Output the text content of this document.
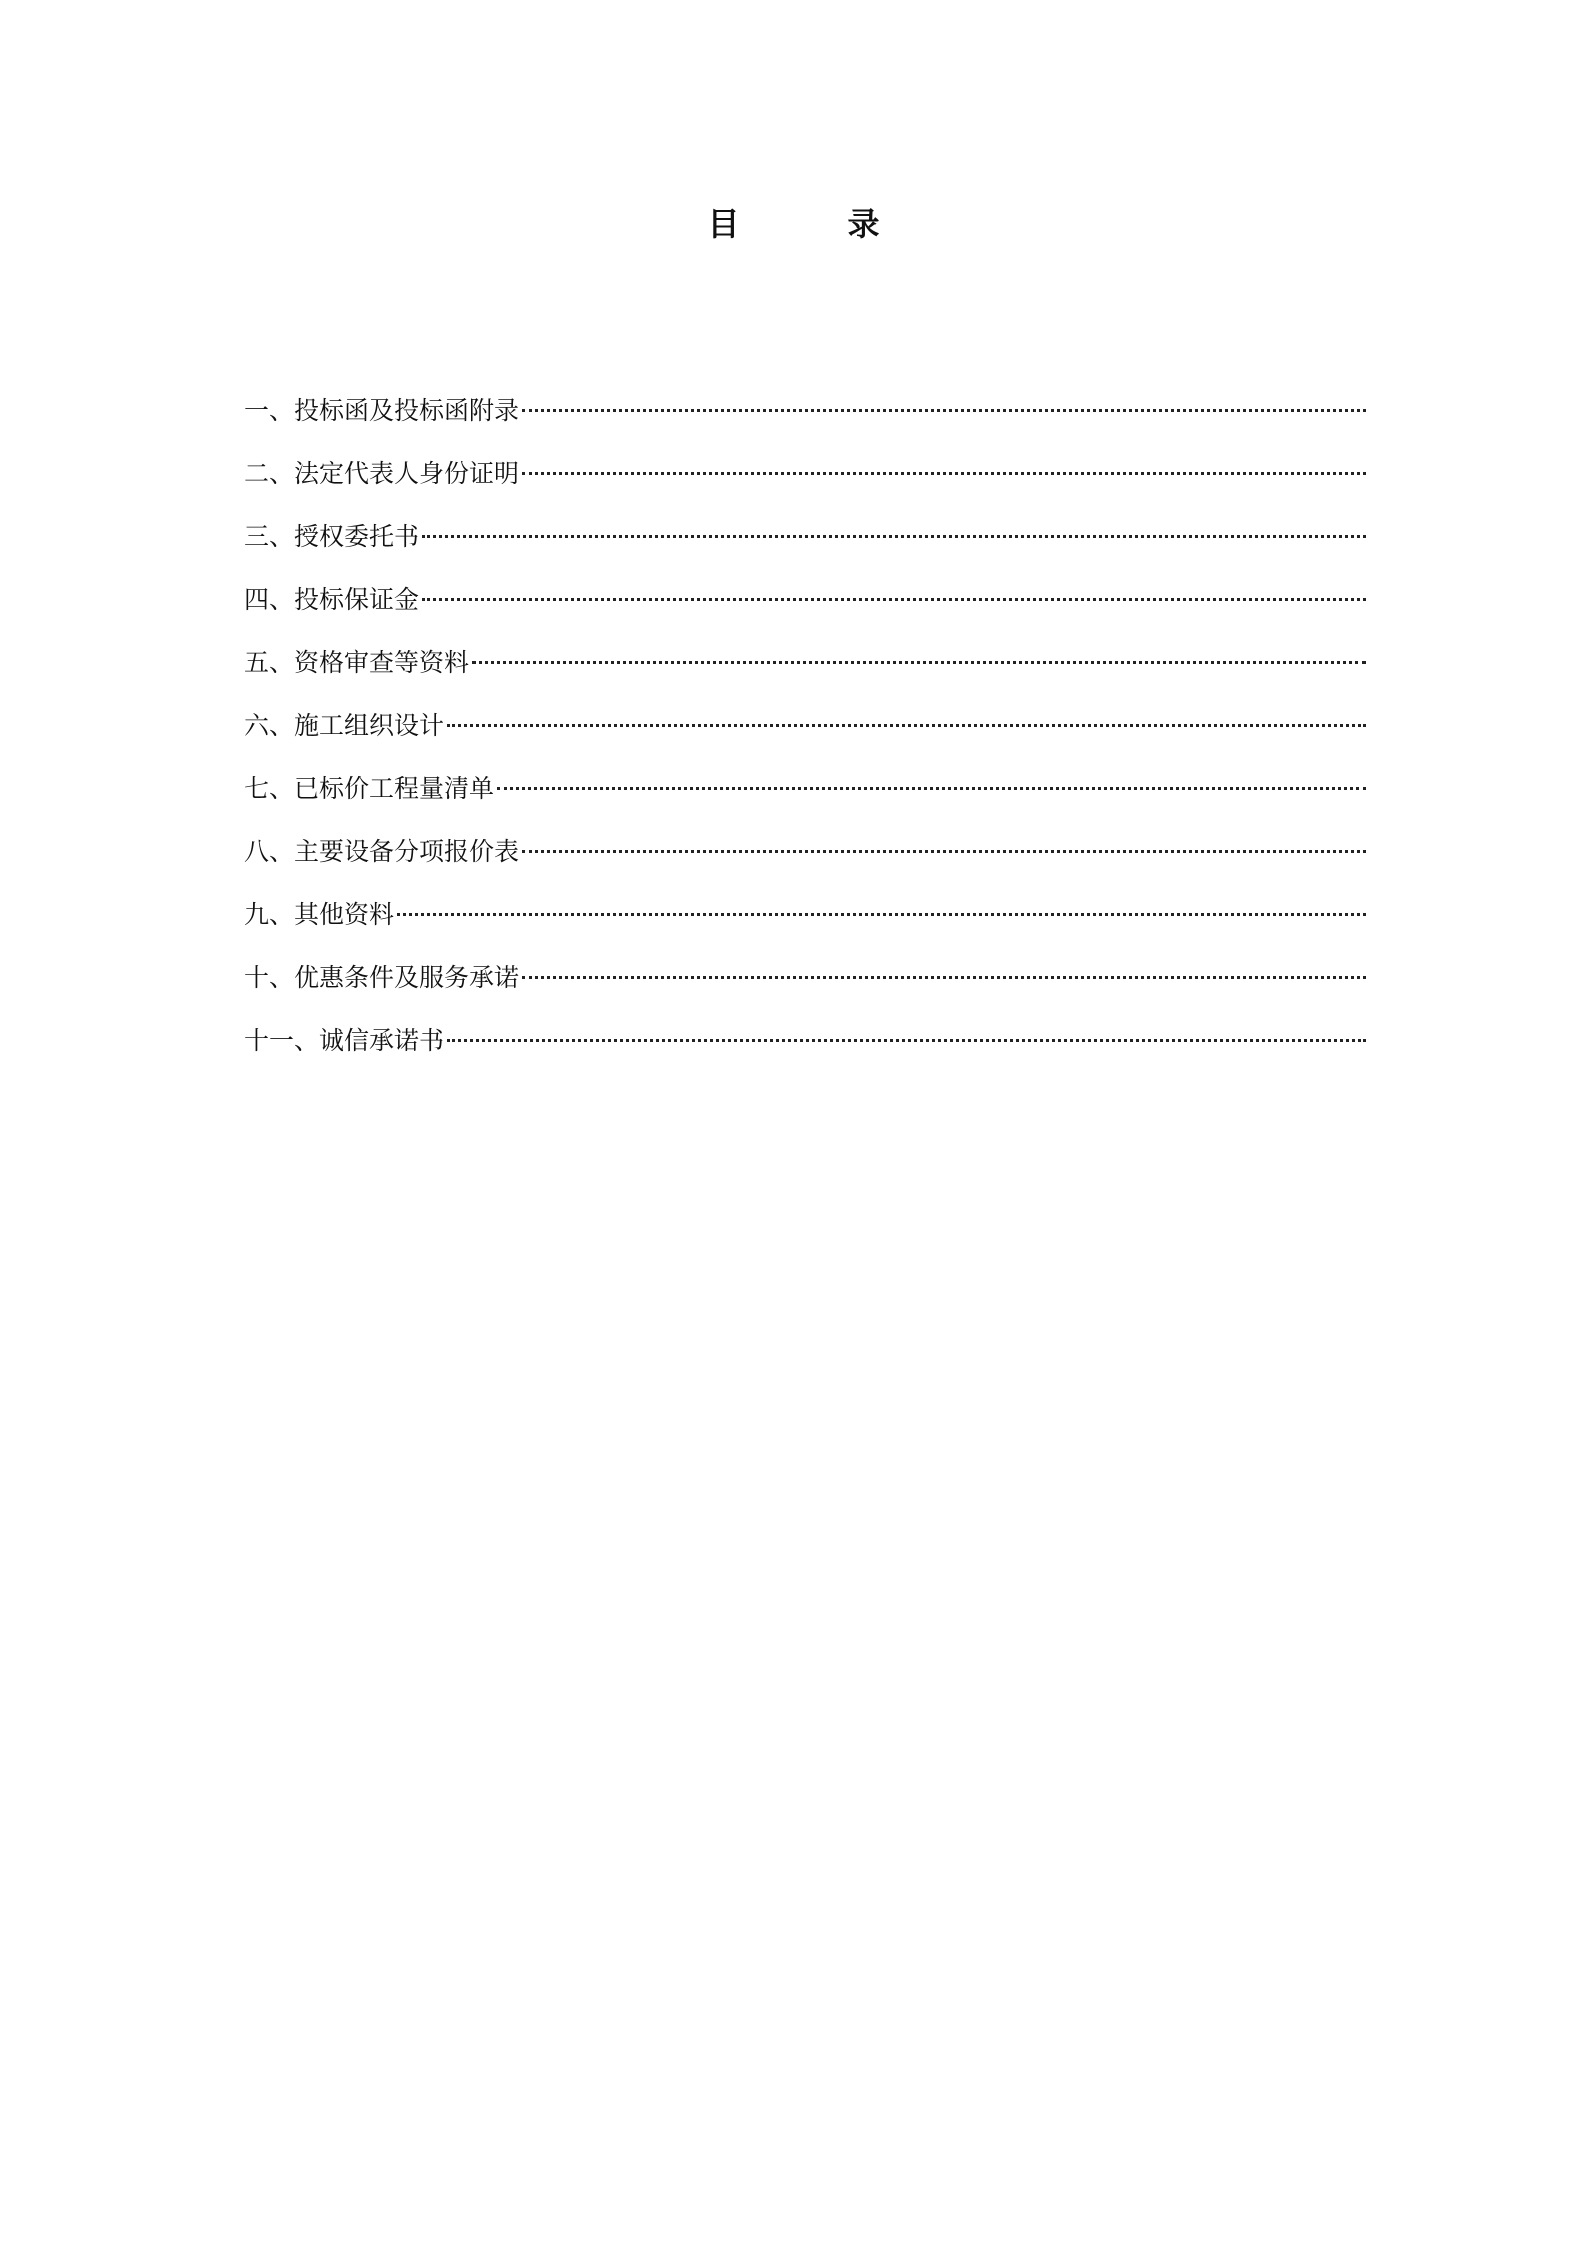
目　录
一、投标函及投标函附录
二、法定代表人身份证明
三、授权委托书
四、投标保证金
五、资格审查等资料
六、施工组织设计
七、已标价工程量清单
八、主要设备分项报价表
九、其他资料
十、优惠条件及服务承诺
十一、诚信承诺书
